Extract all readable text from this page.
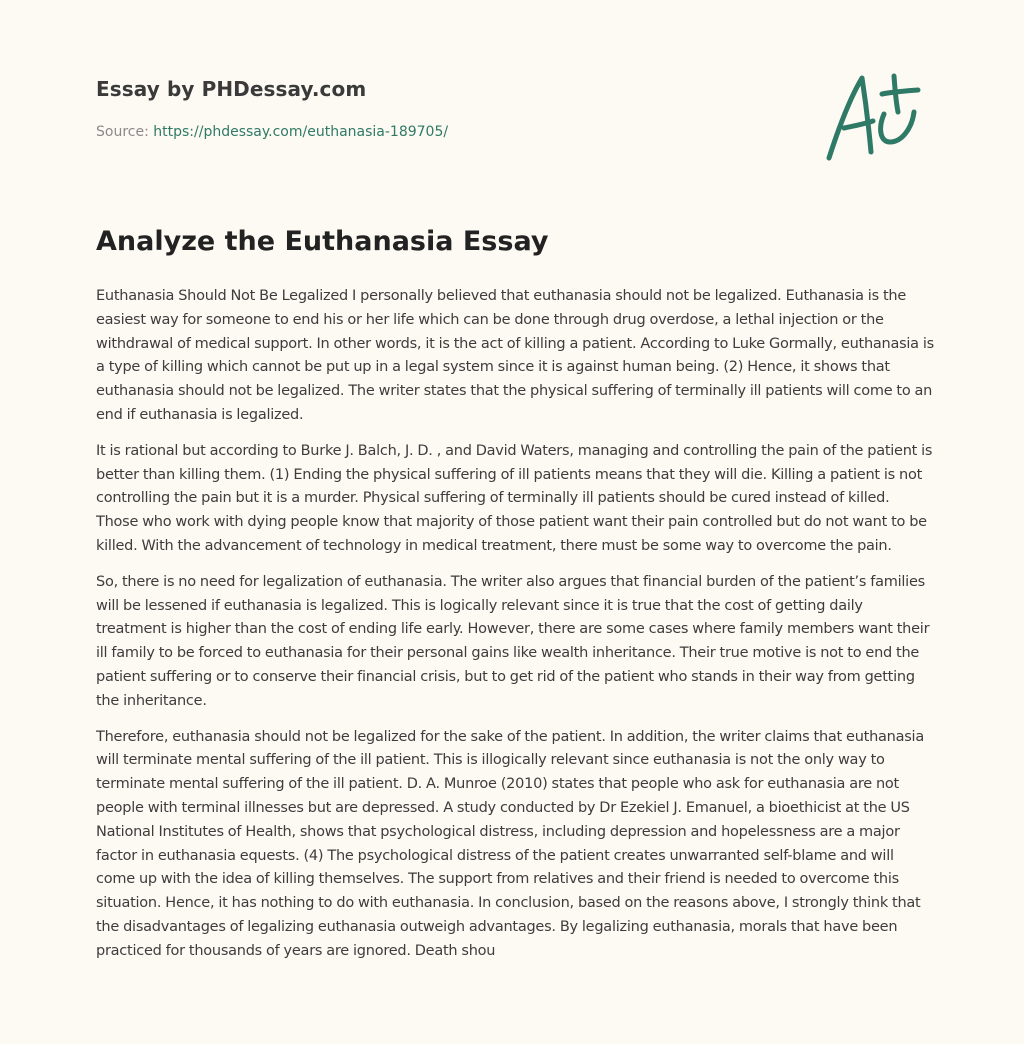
Essay by PHDessay.com
Source: https://phdessay.com/euthanasia-189705/
Analyze the Euthanasia Essay

Euthanasia Should Not Be Legalized I personally believed that euthanasia should not be legalized. Euthanasia is the easiest way for someone to end his or her life which can be done through drug overdose, a lethal injection or the withdrawal of medical support. In other words, it is the act of killing a patient. According to Luke Gormally, euthanasia is a type of killing which cannot be put up in a legal system since it is against human being. (2) Hence, it shows that euthanasia should not be legalized. The writer states that the physical suffering of terminally ill patients will come to an end if euthanasia is legalized.

It is rational but according to Burke J. Balch, J. D. , and David Waters, managing and controlling the pain of the patient is better than killing them. (1) Ending the physical suffering of ill patients means that they will die. Killing a patient is not controlling the pain but it is a murder. Physical suffering of terminally ill patients should be cured instead of killed. Those who work with dying people know that majority of those patient want their pain controlled but do not want to be killed. With the advancement of technology in medical treatment, there must be some way to overcome the pain.

So, there is no need for legalization of euthanasia. The writer also argues that financial burden of the patient’s families will be lessened if euthanasia is legalized. This is logically relevant since it is true that the cost of getting daily treatment is higher than the cost of ending life early. However, there are some cases where family members want their ill family to be forced to euthanasia for their personal gains like wealth inheritance. Their true motive is not to end the patient suffering or to conserve their financial crisis, but to get rid of the patient who stands in their way from getting the inheritance.

Therefore, euthanasia should not be legalized for the sake of the patient. In addition, the writer claims that euthanasia will terminate mental suffering of the ill patient. This is illogically relevant since euthanasia is not the only way to terminate mental suffering of the ill patient. D. A. Munroe (2010) states that people who ask for euthanasia are not people with terminal illnesses but are depressed. A study conducted by Dr Ezekiel J. Emanuel, a bioethicist at the US National Institutes of Health, shows that psychological distress, including depression and hopelessness are a major factor in euthanasia equests. (4) The psychological distress of the patient creates unwarranted self-blame and will come up with the idea of killing themselves. The support from relatives and their friend is needed to overcome this situation. Hence, it has nothing to do with euthanasia. In conclusion, based on the reasons above, I strongly think that the disadvantages of legalizing euthanasia outweigh advantages. By legalizing euthanasia, morals that have been practiced for thousands of years are ignored. Death shou
